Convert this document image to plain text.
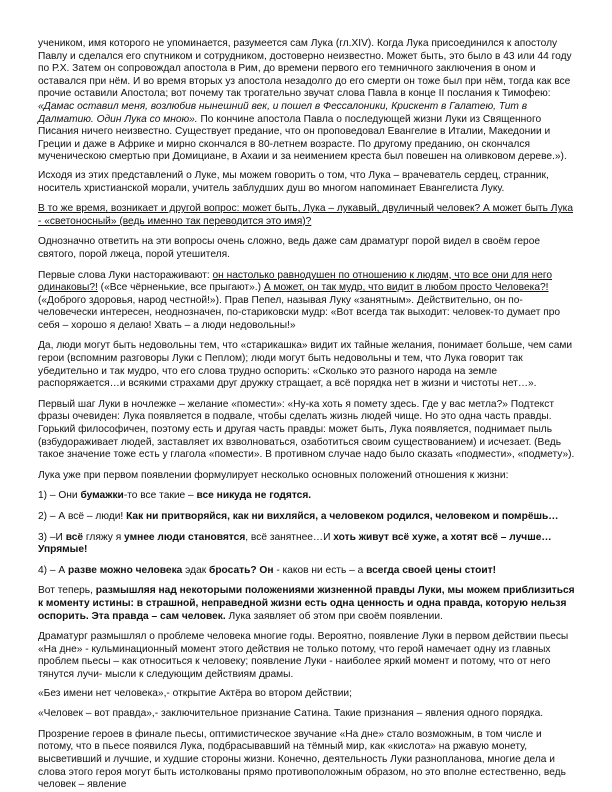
учеником, имя которого не упоминается, разумеется сам Лука (гл.XIV). Когда Лука присоединился к апостолу Павлу и сделался его спутником и сотрудником, достоверно неизвестно. Может быть, это было в 43 или 44 году по Р.Х. Затем он сопровождал апостола в Рим, до времени первого его темничного заключения в оном и оставался при нём. И во время вторых уз апостола незадолго до его смерти он тоже был при нём, тогда как все прочие оставили Апостола; вот почему так трогательно звучат слова Павла в конце II послания к Тимофею: «Дамас оставил меня, возлюбив нынешний век, и пошел в Фессалоники, Крискент в Галатею, Тит в Далматию. Один Лука со мною». По кончине апостола Павла о последующей жизни Луки из Священного Писания ничего неизвестно. Существует предание, что он проповедовал Евангелие в Италии, Македонии и Греции и даже в Африке и мирно скончался в 80-летнем возрасте. По другому преданию, он скончался мученическою смертью при Домициане, в Ахаии и за неимением креста был повешен на оливковом дереве.»).

Исходя из этих представлений о Луке, мы можем говорить о том, что Лука – врачеватель сердец, странник, носитель христианской морали, учитель заблудших душ во многом напоминает Евангелиста Луку.

В то же время, возникает и другой вопрос: может быть, Лука – лукавый, двуличный человек? А может быть Лука - «светоносный» (ведь именно так переводится это имя)?

Однозначно ответить на эти вопросы очень сложно, ведь даже сам драматург порой видел в своём герое святого, порой лжеца, порой утешителя.

Первые слова Луки настораживают: он настолько равнодушен по отношению к людям, что все они для него одинаковы?! («Все чёрненькие, все прыгают».) А может, он так мудр, что видит в любом просто Человека?! («Доброго здоровья, народ честной!»). Прав Пепел, называя Луку «занятным». Действительно, он по-человечески интересен, неоднозначен, по-стариковски мудр: «Вот всегда так выходит: человек-то думает про себя – хорошо я делаю! Хвать – а люди недовольны!»

Да, люди могут быть недовольны тем, что «старикашка» видит их тайные желания, понимает больше, чем сами герои (вспомним разговоры Луки с Пеплом); люди могут быть недовольны и тем, что Лука говорит так убедительно и так мудро, что его слова трудно оспорить: «Сколько это разного народа на земле распоряжается…и всякими страхами друг дружку стращает, а всё порядка нет в жизни и чистоты нет…».

Первый шаг Луки в ночлежке – желание «помести»: «Ну-ка хоть я помету здесь. Где у вас метла?» Подтекст фразы очевиден: Лука появляется в подвале, чтобы сделать жизнь людей чище. Но это одна часть правды. Горький философичен, поэтому есть и другая часть правды: может быть, Лука появляется, поднимает пыль (взбудораживает людей, заставляет их взволноваться, озаботиться своим существованием) и исчезает. (Ведь такое значение тоже есть у глагола «помести». В противном случае надо было сказать «подмести», «подмету»).

Лука уже при первом появлении формулирует несколько основных положений отношения к жизни:

1) – Они бумажки-то все такие – все никуда не годятся.

2) – А всё – люди! Как ни притворяйся, как ни вихляйся, а человеком родился, человеком и помрёшь…

3) –И всё гляжу я умнее люди становятся, всё занятнее…И хоть живут всё хуже, а хотят всё – лучше…Упрямые!

4) – А разве можно человека эдак бросать? Он - каков ни есть – а всегда своей цены стоит!

Вот теперь, размышляя над некоторыми положениями жизненной правды Луки, мы можем приблизиться к моменту истины: в страшной, неправедной жизни есть одна ценность и одна правда, которую нельзя оспорить. Эта правда – сам человек. Лука заявляет об этом при своём появлении.

Драматург размышлял о проблеме человека многие годы. Вероятно, появление Луки в первом действии пьесы «На дне» - кульминационный момент этого действия не только потому, что герой намечает одну из главных проблем пьесы – как относиться к человеку; появление Луки - наиболее яркий момент и потому, что от него тянутся лучи- мысли к следующим действиям драмы.

«Без имени нет человека»,- открытие Актёра во втором действии;

«Человек – вот правда»,- заключительное признание Сатина. Такие признания – явления одного порядка.

Прозрение героев в финале пьесы, оптимистическое звучание «На дне» стало возможным, в том числе и потому, что в пьесе появился Лука, подбрасывавший на тёмный мир, как «кислота» на ржавую монету, высветивший и лучшие, и худшие стороны жизни. Конечно, деятельность Луки разноплановa, многие дела и слова этого героя могут быть истолкованы прямо противоположным образом, но это вполне естественно, ведь человек – явление
